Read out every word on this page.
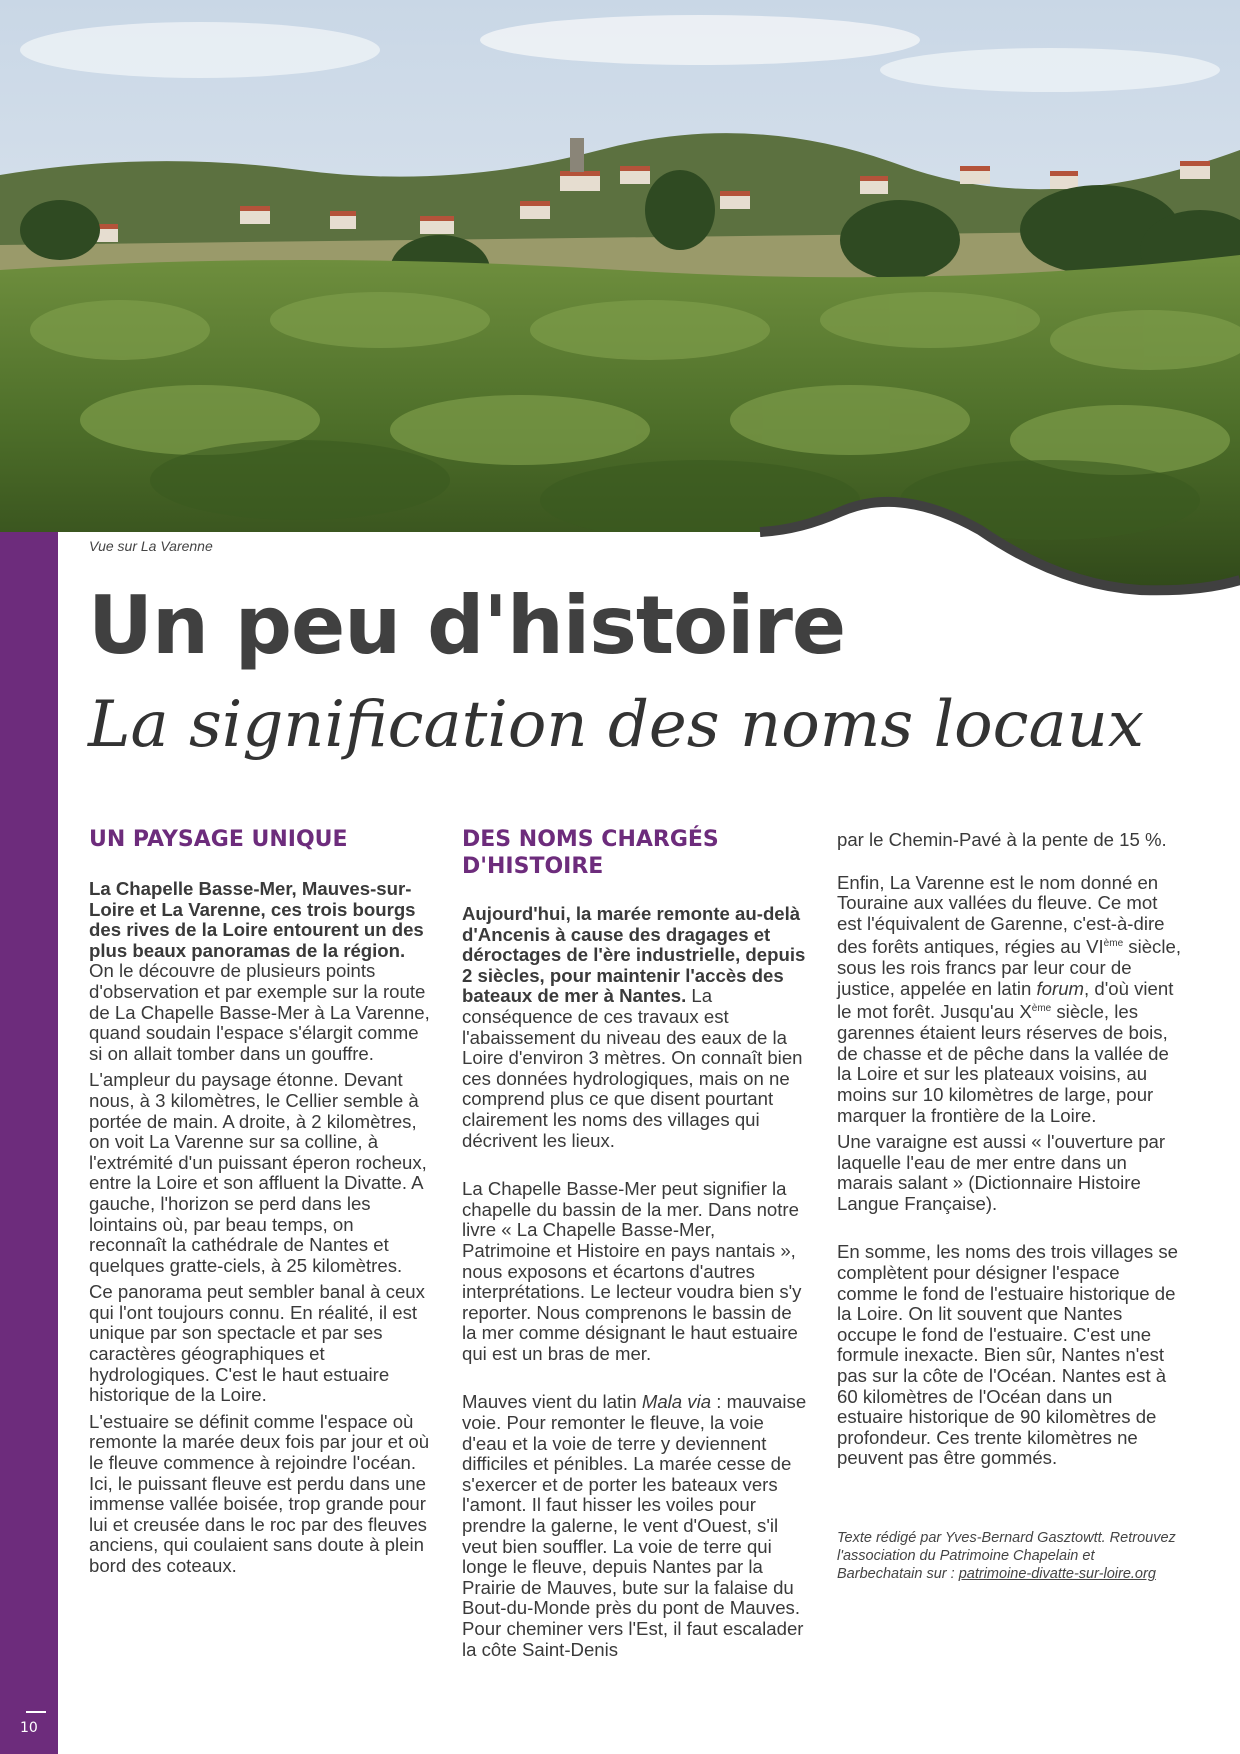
10
Vue sur La Varenne
Un peu d'histoire
La signification des noms locaux
UN PAYSAGE UNIQUE

La Chapelle Basse-Mer, Mauves-sur-Loire et La Varenne, ces trois bourgs des rives de la Loire entourent un des plus beaux panoramas de la région. On le découvre de plusieurs points d'observation et par exemple sur la route de La Chapelle Basse-Mer à La Varenne, quand soudain l'espace s'élargit comme si on allait tomber dans un gouffre.

L'ampleur du paysage étonne. Devant nous, à 3 kilomètres, le Cellier semble à portée de main. A droite, à 2 kilomètres, on voit La Varenne sur sa colline, à l'extrémité d'un puissant éperon rocheux, entre la Loire et son affluent la Divatte. A gauche, l'horizon se perd dans les lointains où, par beau temps, on reconnaît la cathédrale de Nantes et quelques gratte-ciels, à 25 kilomètres.

Ce panorama peut sembler banal à ceux qui l'ont toujours connu. En réalité, il est unique par son spectacle et par ses caractères géographiques et hydrologiques. C'est le haut estuaire historique de la Loire.

L'estuaire se définit comme l'espace où remonte la marée deux fois par jour et où le fleuve commence à rejoindre l'océan. Ici, le puissant fleuve est perdu dans une immense vallée boisée, trop grande pour lui et creusée dans le roc par des fleuves anciens, qui coulaient sans doute à plein bord des coteaux.

DES NOMS CHARGÉS D'HISTOIRE

Aujourd'hui, la marée remonte au-delà d'Ancenis à cause des dragages et déroctages de l'ère industrielle, depuis 2 siècles, pour maintenir l'accès des bateaux de mer à Nantes. La conséquence de ces travaux est l'abaissement du niveau des eaux de la Loire d'environ 3 mètres. On connaît bien ces données hydrologiques, mais on ne comprend plus ce que disent pourtant clairement les noms des villages qui décrivent les lieux.

La Chapelle Basse-Mer peut signifier la chapelle du bassin de la mer. Dans notre livre « La Chapelle Basse-Mer, Patrimoine et Histoire en pays nantais », nous exposons et écartons d'autres interprétations. Le lecteur voudra bien s'y reporter. Nous comprenons le bassin de la mer comme désignant le haut estuaire qui est un bras de mer.

Mauves vient du latin Mala via : mauvaise voie. Pour remonter le fleuve, la voie d'eau et la voie de terre y deviennent difficiles et pénibles. La marée cesse de s'exercer et de porter les bateaux vers l'amont. Il faut hisser les voiles pour prendre la galerne, le vent d'Ouest, s'il veut bien souffler. La voie de terre qui longe le fleuve, depuis Nantes par la Prairie de Mauves, bute sur la falaise du Bout-du-Monde près du pont de Mauves. Pour cheminer vers l'Est, il faut escalader la côte Saint-Denis

par le Chemin-Pavé à la pente de 15 %.

Enfin, La Varenne est le nom donné en Touraine aux vallées du fleuve. Ce mot est l'équivalent de Garenne, c'est-à-dire des forêts antiques, régies au VIème siècle, sous les rois francs par leur cour de justice, appelée en latin forum, d'où vient le mot forêt. Jusqu'au Xème siècle, les garennes étaient leurs réserves de bois, de chasse et de pêche dans la vallée de la Loire et sur les plateaux voisins, au moins sur 10 kilomètres de large, pour marquer la frontière de la Loire.

Une varaigne est aussi « l'ouverture par laquelle l'eau de mer entre dans un marais salant » (Dictionnaire Histoire Langue Française).

En somme, les noms des trois villages se complètent pour désigner l'espace comme le fond de l'estuaire historique de la Loire. On lit souvent que Nantes occupe le fond de l'estuaire. C'est une formule inexacte. Bien sûr, Nantes n'est pas sur la côte de l'Océan. Nantes est à 60 kilomètres de l'Océan dans un estuaire historique de 90 kilomètres de profondeur. Ces trente kilomètres ne peuvent pas être gommés.

Texte rédigé par Yves-Bernard Gasztowtt. Retrouvez l'association du Patrimoine Chapelain et Barbechatain sur : patrimoine-divatte-sur-loire.org
